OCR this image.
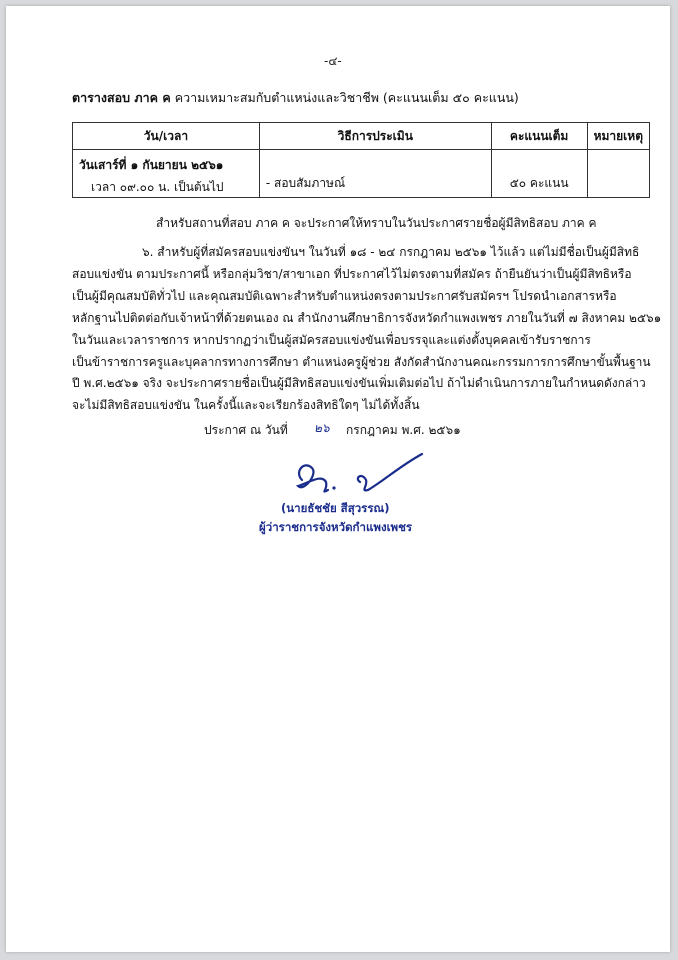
-๔-
ตารางสอบ ภาค ค ความเหมาะสมกับตำแหน่งและวิชาชีพ (คะแนนเต็ม ๕๐ คะแนน)
วัน/เวลา	วิธีการประเมิน	คะแนนเต็ม	หมายเหตุ

วันเสาร์ที่ ๑ กันยายน ๒๕๖๑
เวลา ๐๙.๐๐ น. เป็นต้นไป	- สอบสัมภาษณ์	๕๐ คะแนน	

สำหรับสถานที่สอบ ภาค ค จะประกาศให้ทราบในวันประกาศรายชื่อผู้มีสิทธิสอบ ภาค ค
๖. สำหรับผู้ที่สมัครสอบแข่งขันฯ ในวันที่ ๑๘ - ๒๔ กรกฎาคม ๒๕๖๑ ไว้แล้ว แต่ไม่มีชื่อเป็นผู้มีสิทธิ
สอบแข่งขัน ตามประกาศนี้ หรือกลุ่มวิชา/สาขาเอก ที่ประกาศไว้ไม่ตรงตามที่สมัคร ถ้ายืนยันว่าเป็นผู้มีสิทธิหรือ
เป็นผู้มีคุณสมบัติทั่วไป และคุณสมบัติเฉพาะสำหรับตำแหน่งตรงตามประกาศรับสมัครฯ โปรดนำเอกสารหรือ
หลักฐานไปติดต่อกับเจ้าหน้าที่ด้วยตนเอง ณ สำนักงานศึกษาธิการจังหวัดกำแพงเพชร ภายในวันที่ ๗ สิงหาคม ๒๕๖๑
ในวันและเวลาราชการ หากปรากฏว่าเป็นผู้สมัครสอบแข่งขันเพื่อบรรจุและแต่งตั้งบุคคลเข้ารับราชการ
เป็นข้าราชการครูและบุคลากรทางการศึกษา ตำแหน่งครูผู้ช่วย สังกัดสำนักงานคณะกรรมการการศึกษาขั้นพื้นฐาน
ปี พ.ศ.๒๕๖๑ จริง จะประกาศรายชื่อเป็นผู้มีสิทธิสอบแข่งขันเพิ่มเติมต่อไป ถ้าไม่ดำเนินการภายในกำหนดดังกล่าว
จะไม่มีสิทธิสอบแข่งขัน ในครั้งนี้และจะเรียกร้องสิทธิใดๆ ไม่ได้ทั้งสิ้น
ประกาศ ณ วันที่ ๒๖ กรกฎาคม พ.ศ. ๒๕๖๑
(นายธัชชัย สีสุวรรณ)
ผู้ว่าราชการจังหวัดกำแพงเพชร
